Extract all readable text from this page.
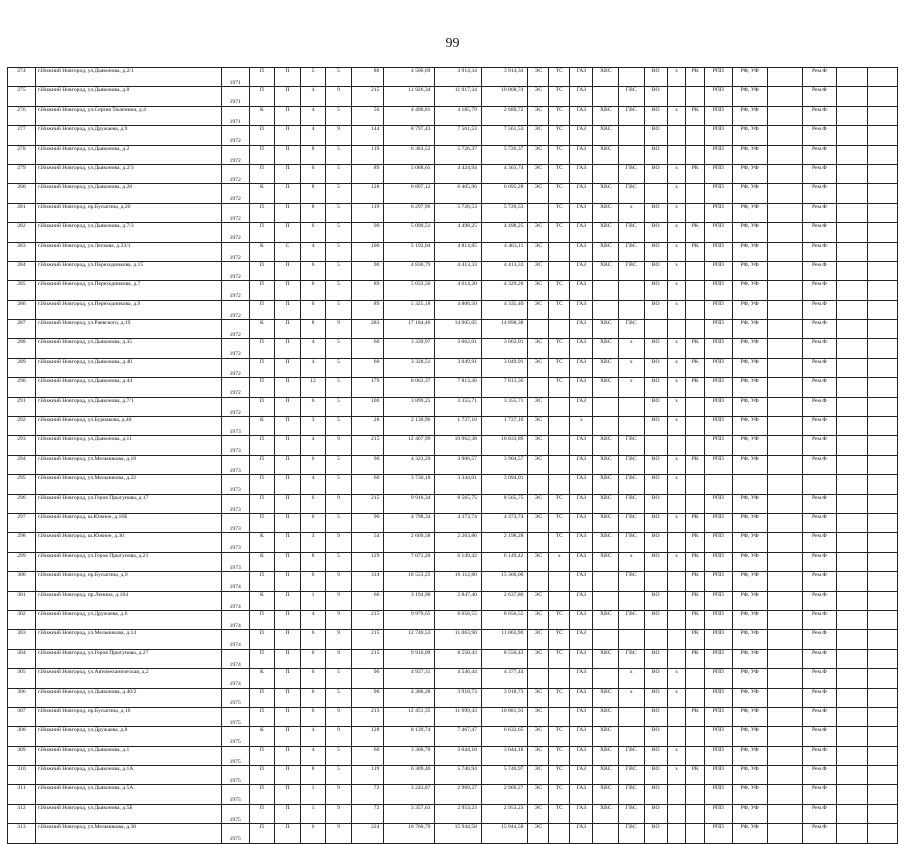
99
274	г.Нижний Новгород, ул.Дьяконова, д.2/1	1971	П	П	5	5	80	4 500,69	3 914,34	3 914,34	ЭС	ТС	ГАЗ	ХВС		ВО	х	РК	РПП	РФ, УФ		Рем.Ф		
275	г.Нижний Новгород, ул.Дьяконова, д.8	1971	П	П	4	9	215	11 926,34	11 917,34	10 868,74	ЭС	ТС	ГАЗ		ГВС	ВО			РПП	РФ, УФ		Рем.Ф		
276	г.Нижний Новгород, ул.Сергея Тюленина, д.4	1971	К	П	4	5	56	4 496,81	4 185,79	2 689,72	ЭС	ТС	ГАЗ	ХВС	ГВС	ВО	х	РК	РПП	РФ, УФ		Рем.Ф		
277	г.Нижний Новгород, ул.Дружаева, д.9	1972	П	П	4	9	144	8 797,43	7 561,53	7 561,53	ЭС	ТС	ГАЗ	ХВС		ВО			РПП	РФ, УФ		Рем.Ф		
278	г.Нижний Новгород, ул.Дьяконова, д.2	1972	П	П	8	5	119	6 383,52	5 726,37	5 726,37	ЭС	ТС	ГАЗ	ХВС		ВО			РПП	РФ, УФ		Рем.Ф		
279	г.Нижний Новгород, ул.Дьяконова, д.2/3	1972	П	П	6	5	89	5 088,65	4 424,94	4 363,74	ЭС	ТС	ГАЗ		ГВС	ВО	х	РК	РПП	РФ, УФ		Рем.Ф		
280	г.Нижний Новгород, ул.Дьяконова, д.28	1972	К	П	8	5	128	6 897,12	6 405,96	6 095,28	ЭС	ТС	ГАЗ	ХВС	ГВС		х		РПП	РФ, УФ		Рем.Ф		
281	г.Нижний Новгород, пр.Бусыгина, д.20	1972	П	П	8	5	119	6 297,96	5 726,53	5 726,53		ТС	ГАЗ	ХВС	х	ВО	х		РПП	РФ, УФ		Рем.Ф		
282	г.Нижний Новгород, ул.Дьяконова, д.7/3	1972	П	П	6	5	90	5 090,51	4 498,25	4 498,25	ЭС	ТС	ГАЗ	ХВС	ГВС	ВО	х	РК	РПП	РФ, УФ		Рем.Ф		
283	г.Нижний Новгород, ул.Лескова, д.33/1	1972	К	С	4	5	100	5 192,04	4 814,85	4 463,11	ЭС		ГАЗ	ХВС	ГВС	ВО	х	РК	РПП	РФ, УФ		Рем.Ф		
284	г.Нижний Новгород, ул.Переходникова, д.15	1972	П	П	6	5	90	4 830,79	4 413,33	4 413,33	ЭС		ГАЗ	ХВС	ГВС	ВО	х		РПП	РФ, УФ		Рем.Ф		
285	г.Нижний Новгород, ул.Переходникова, д.7	1972	П	П	6	5	89	5 033,50	4 614,20	4 329,20	ЭС	ТС	ГАЗ			ВО	х		РПП	РФ, УФ		Рем.Ф		
286	г.Нижний Новгород, ул.Переходникова, д.9	1972	П	П	6	5	89	5 325,18	4 806,50	4 335,40	ЭС	ТС	ГАЗ			ВО	х		РПП	РФ, УФ		Рем.Ф		
287	г.Нижний Новгород, ул.Раевского, д.19	1972	К	П	8	9	283	17 184,46	14 905,05	14 898,38			ГАЗ	ХВС	ГВС				РПП	РФ, УФ		Рем.Ф		
288	г.Нижний Новгород, ул.Дьяконова, д.35	1972	П	П	4	5	60	3 339,97	3 062,01	3 062,01	ЭС	ТС	ГАЗ	ХВС	х	ВО	х	РК	РПП	РФ, УФ		Рем.Ф		
289	г.Нижний Новгород, ул.Дьяконова, д.40	1972	П	П	4	5	60	3 328,51	3 049,91	3 049,91	ЭС	ТС	ГАЗ	ХВС	х	ВО	х	РК	РПП	РФ, УФ		Рем.Ф		
290	г.Нижний Новгород, ул.Дьяконова, д.44	1972	П	П	12	5	179	8 063,37	7 813,36	7 813,36		ТС	ГАЗ	ХВС	х	ВО	х	РК	РПП	РФ, УФ		Рем.Ф		
291	г.Нижний Новгород, ул.Дьяконова, д.7/1	1972	П	П	6	5	100	3 899,25	3 355,71	3 355,71	ЭС		ГАЗ			ВО	х		РПП	РФ, УФ		Рем.Ф		
292	г.Нижний Новгород, ул.Бурнакова, д.40	1973	К	П	3	5	28	2 130,96	1 737,10	1 737,10	ЭС		х			ВО	х		РПП	РФ, УФ		Рем.Ф		
293	г.Нижний Новгород, ул.Дьяконова, д.11	1973	П	П	4	9	215	12 467,99	10 962,38	10 833,89	ЭС		ГАЗ	ХВС	ГВС				РПП	РФ, УФ		Рем.Ф		
294	г.Нижний Новгород, ул.Мельникова, д.18	1973	П	П	6	5	90	4 323,29	3 906,57	3 904,57	ЭС		ГАЗ	ХВС	ГВС	ВО	х	РК	РПП	РФ, УФ		Рем.Ф		
295	г.Нижний Новгород, ул.Мельникова, д.22	1973	П	П	4	5	60	3 730,18	3 344,01	3 094,01			ГАЗ	ХВС	ГВС	ВО	х							
296	г.Нижний Новгород, ул.Героя Прыгунова, д.17	1973	П	П	6	9	215	9 916,34	8 565,75	8 565,75	ЭС	ТС	ГАЗ	ХВС	ГВС	ВО			РПП	РФ, УФ		Рем.Ф		
297	г.Нижний Новгород, ш.Южное, д.16Б	1973	П	П	6	5	90	4 798,34	4 373,74	4 373,74	ЭС	ТС	ГАЗ	ХВС	ГВС	ВО	х	РК	РПП	РФ, УФ		Рем.Ф		
298	г.Нижний Новгород, ш.Южное, д.30	1973	К	П	3	9	54	2 609,58	2 263,86	2 198,28		ТС	ГАЗ	ХВС	ГВС	ВО		РК	РПП	РФ, УФ		Рем.Ф		
299	г.Нижний Новгород, ул.Героя Прыгунова, д.21	1973	К	П	8	5	129	7 071,20	6 149,42	6 149,42	ЭС	х	ГАЗ	ХВС	х	ВО	х	РК	РПП	РФ, УФ		Рем.Ф		
300	г.Нижний Новгород, пр.Бусыгина, д.9	1974	П	П	6	9	314	18 553,25	16 112,80	15 366,00			ГАЗ		ГВС			РК	РПП	РФ, УФ		Рем.Ф		
301	г.Нижний Новгород, пр.Ленина, д.104	1974	К	П	1	9	66	3 194,90	2 847,40	2 637,80	ЭС		ГАЗ			ВО		РК	РПП	РФ, УФ		Рем.Ф		
302	г.Нижний Новгород, ул.Дружаева, д.6	1974	П	П	4	9	215	9 979,65	8 656,55	8 656,55	ЭС	ТС	ГАЗ	ХВС	ГВС	ВО		РК	РПП	РФ, УФ		Рем.Ф		
303	г.Нижний Новгород, ул.Мельникова, д.14	1974	П	П	6	9	215	12 740,53	11 063,90	11 063,90	ЭС	ТС	ГАЗ					РК	РПП	РФ, УФ		Рем.Ф		
304	г.Нижний Новгород, ул.Героя Прыгунова, д.27	1974	П	П	6	9	215	9 916,09	8 550,43	8 550,43	ЭС	ТС	ГАЗ	ХВС	ГВС	ВО		РК	РПП	РФ, УФ		Рем.Ф		
305	г.Нижний Новгород, ул.Автомеханическая, д.2	1974	К	П	6	5	96	4 937,31	4 546,44	4 377,44			ГАЗ		х	ВО	х		РПП	РФ, УФ		Рем.Ф		
306	г.Нижний Новгород, ул.Дьяконова, д.40/2	1975	П	П	6	5	90	4 306,28	3 918,73	3 918,73	ЭС	ТС	ГАЗ	ХВС	х	ВО	х		РПП	РФ, УФ		Рем.Ф		
307	г.Нижний Новгород, пр.Бусыгина, д.16	1975	П	П	6	9	213	12 451,35	11 099,43	10 881,93	ЭС		ГАЗ	ХВС		ВО		РК	РПП	РФ, УФ		Рем.Ф		
308	г.Нижний Новгород, ул.Дружаева, д.8	1975	К	П	4	9	128	8 139,74	7 467,47	6 632,65	ЭС	ТС	ГАЗ	ХВС		ВО			РПП	РФ, УФ		Рем.Ф		
309	г.Нижний Новгород, ул.Дьяконова, д.1	1975	П	П	4	5	60	3 300,79	3 044,18	3 044,18	ЭС	ТС	ГАЗ	ХВС	ГВС	ВО	х		РПП	РФ, УФ		Рем.Ф		
310	г.Нижний Новгород, ул.Дьяконова, д.1А	1975	П	П	8	5	119	6 309,46	5 740,94	5 740,97	ЭС	ТС	ГАЗ	ХВС	ГВС	ВО	х	РК	РПП	РФ, УФ		Рем.Ф		
311	г.Нижний Новгород, ул.Дьяконова, д.5А	1975	П	П	1	9	72	3 243,87	2 969,27	2 969,27	ЭС	ТС	ГАЗ	ХВС	ГВС	ВО			РПП	РФ, УФ		Рем.Ф		
312	г.Нижний Новгород, ул.Дьяконова, д.5Б	1975	П	П	1	9	72	3 357,63	2 953,23	2 953,23	ЭС	ТС	ГАЗ	ХВС	ГВС	ВО			РПП	РФ, УФ		Рем.Ф		
313	г.Нижний Новгород, ул.Мельникова, д.30	1975	П	П	6	9	224	18 760,79	15 944,58	15 944,58	ЭС		ГАЗ		ГВС	ВО			РПП	РФ, УФ		Рем.Ф		
